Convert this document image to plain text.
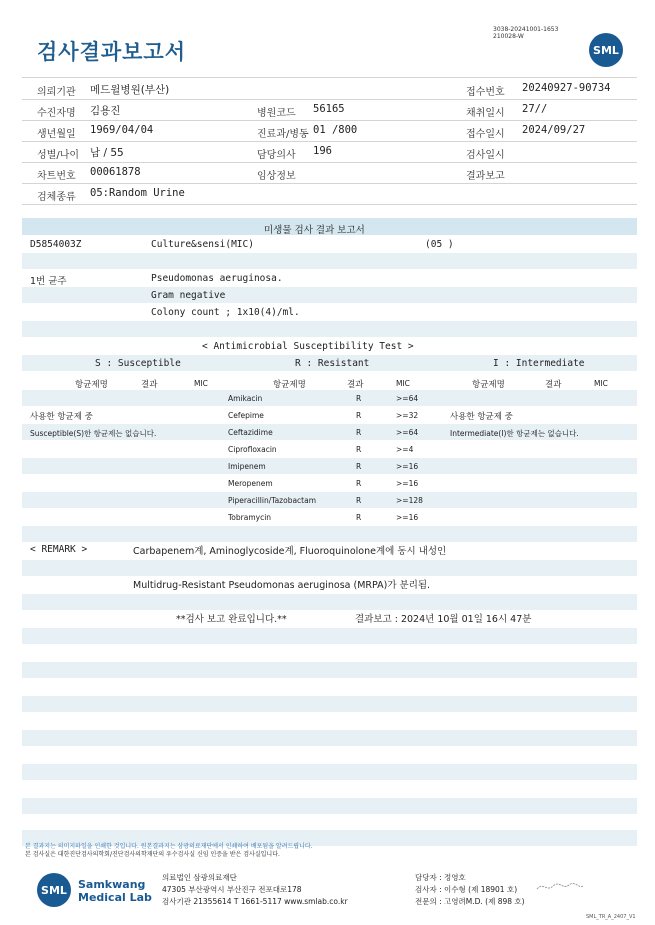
검사결과보고서
3038-20241001-1653
210028-W
SML
의뢰기관 메드윌병원(부산)	접수번호 20240927-90734
수진자명 김용진	병원코드 56165	채취일시 27//
생년월일 1969/04/04	진료과/병동 01 /800	접수일시 2024/09/27
성별/나이 남 / 55	담당의사 196	검사일시
차트번호 00061878	임상정보	결과보고
검체종류 05:Random Urine
미생물 검사 결과 보고서
D5854003Z	Culture&sensi(MIC)	(05 )
1번 균주	Pseudomonas aeruginosa.
Gram negative
Colony count ; 1x10(4)/ml.
< Antimicrobial Susceptibility Test >
S : Susceptible	R : Resistant	I : Intermediate
항균제명	결과	MIC	항균제명	결과	MIC	항균제명	결과	MIC
사용한 항균제 중
Susceptible(S)한 항균제는 없습니다.
사용한 항균제 중
Intermediate(I)한 항균제는 없습니다.
Amikacin	R	>=64
Cefepime	R	>=32
Ceftazidime	R	>=64
Ciprofloxacin	R	>=4
Imipenem	R	>=16
Meropenem	R	>=16
Piperacillin/Tazobactam	R	>=128
Tobramycin	R	>=16
< REMARK >	Carbapenem계, Aminoglycoside계, Fluoroquinolone계에 동시 내성인
Multidrug-Resistant Pseudomonas aeruginosa (MRPA)가 분리됨.
**검사 보고 완료입니다.**	결과보고 : 2024년 10월 01일 16시 47분
본 결과지는 의미지파일을 인쇄한 것입니다. 원본결과지는 삼광의료재단에서 인쇄하여 배포됨을 알려드립니다.
본 검사실은 대한진단검사의학회/진단검사의학재단의 우수검사실 신임 인증을 받은 검사실입니다.
SML	Samkwang
Medical Lab
의료법인 삼광의료재단
47305 부산광역시 부산진구 전포대로178
검사기관 21355614 T 1661-5117 www.smlab.co.kr
담당자 : 정영호
검사자 : 이수형 (제 18901 호)
전문의 : 고영려M.D. (제 898 호)
SML_TR_A_2407_V1
